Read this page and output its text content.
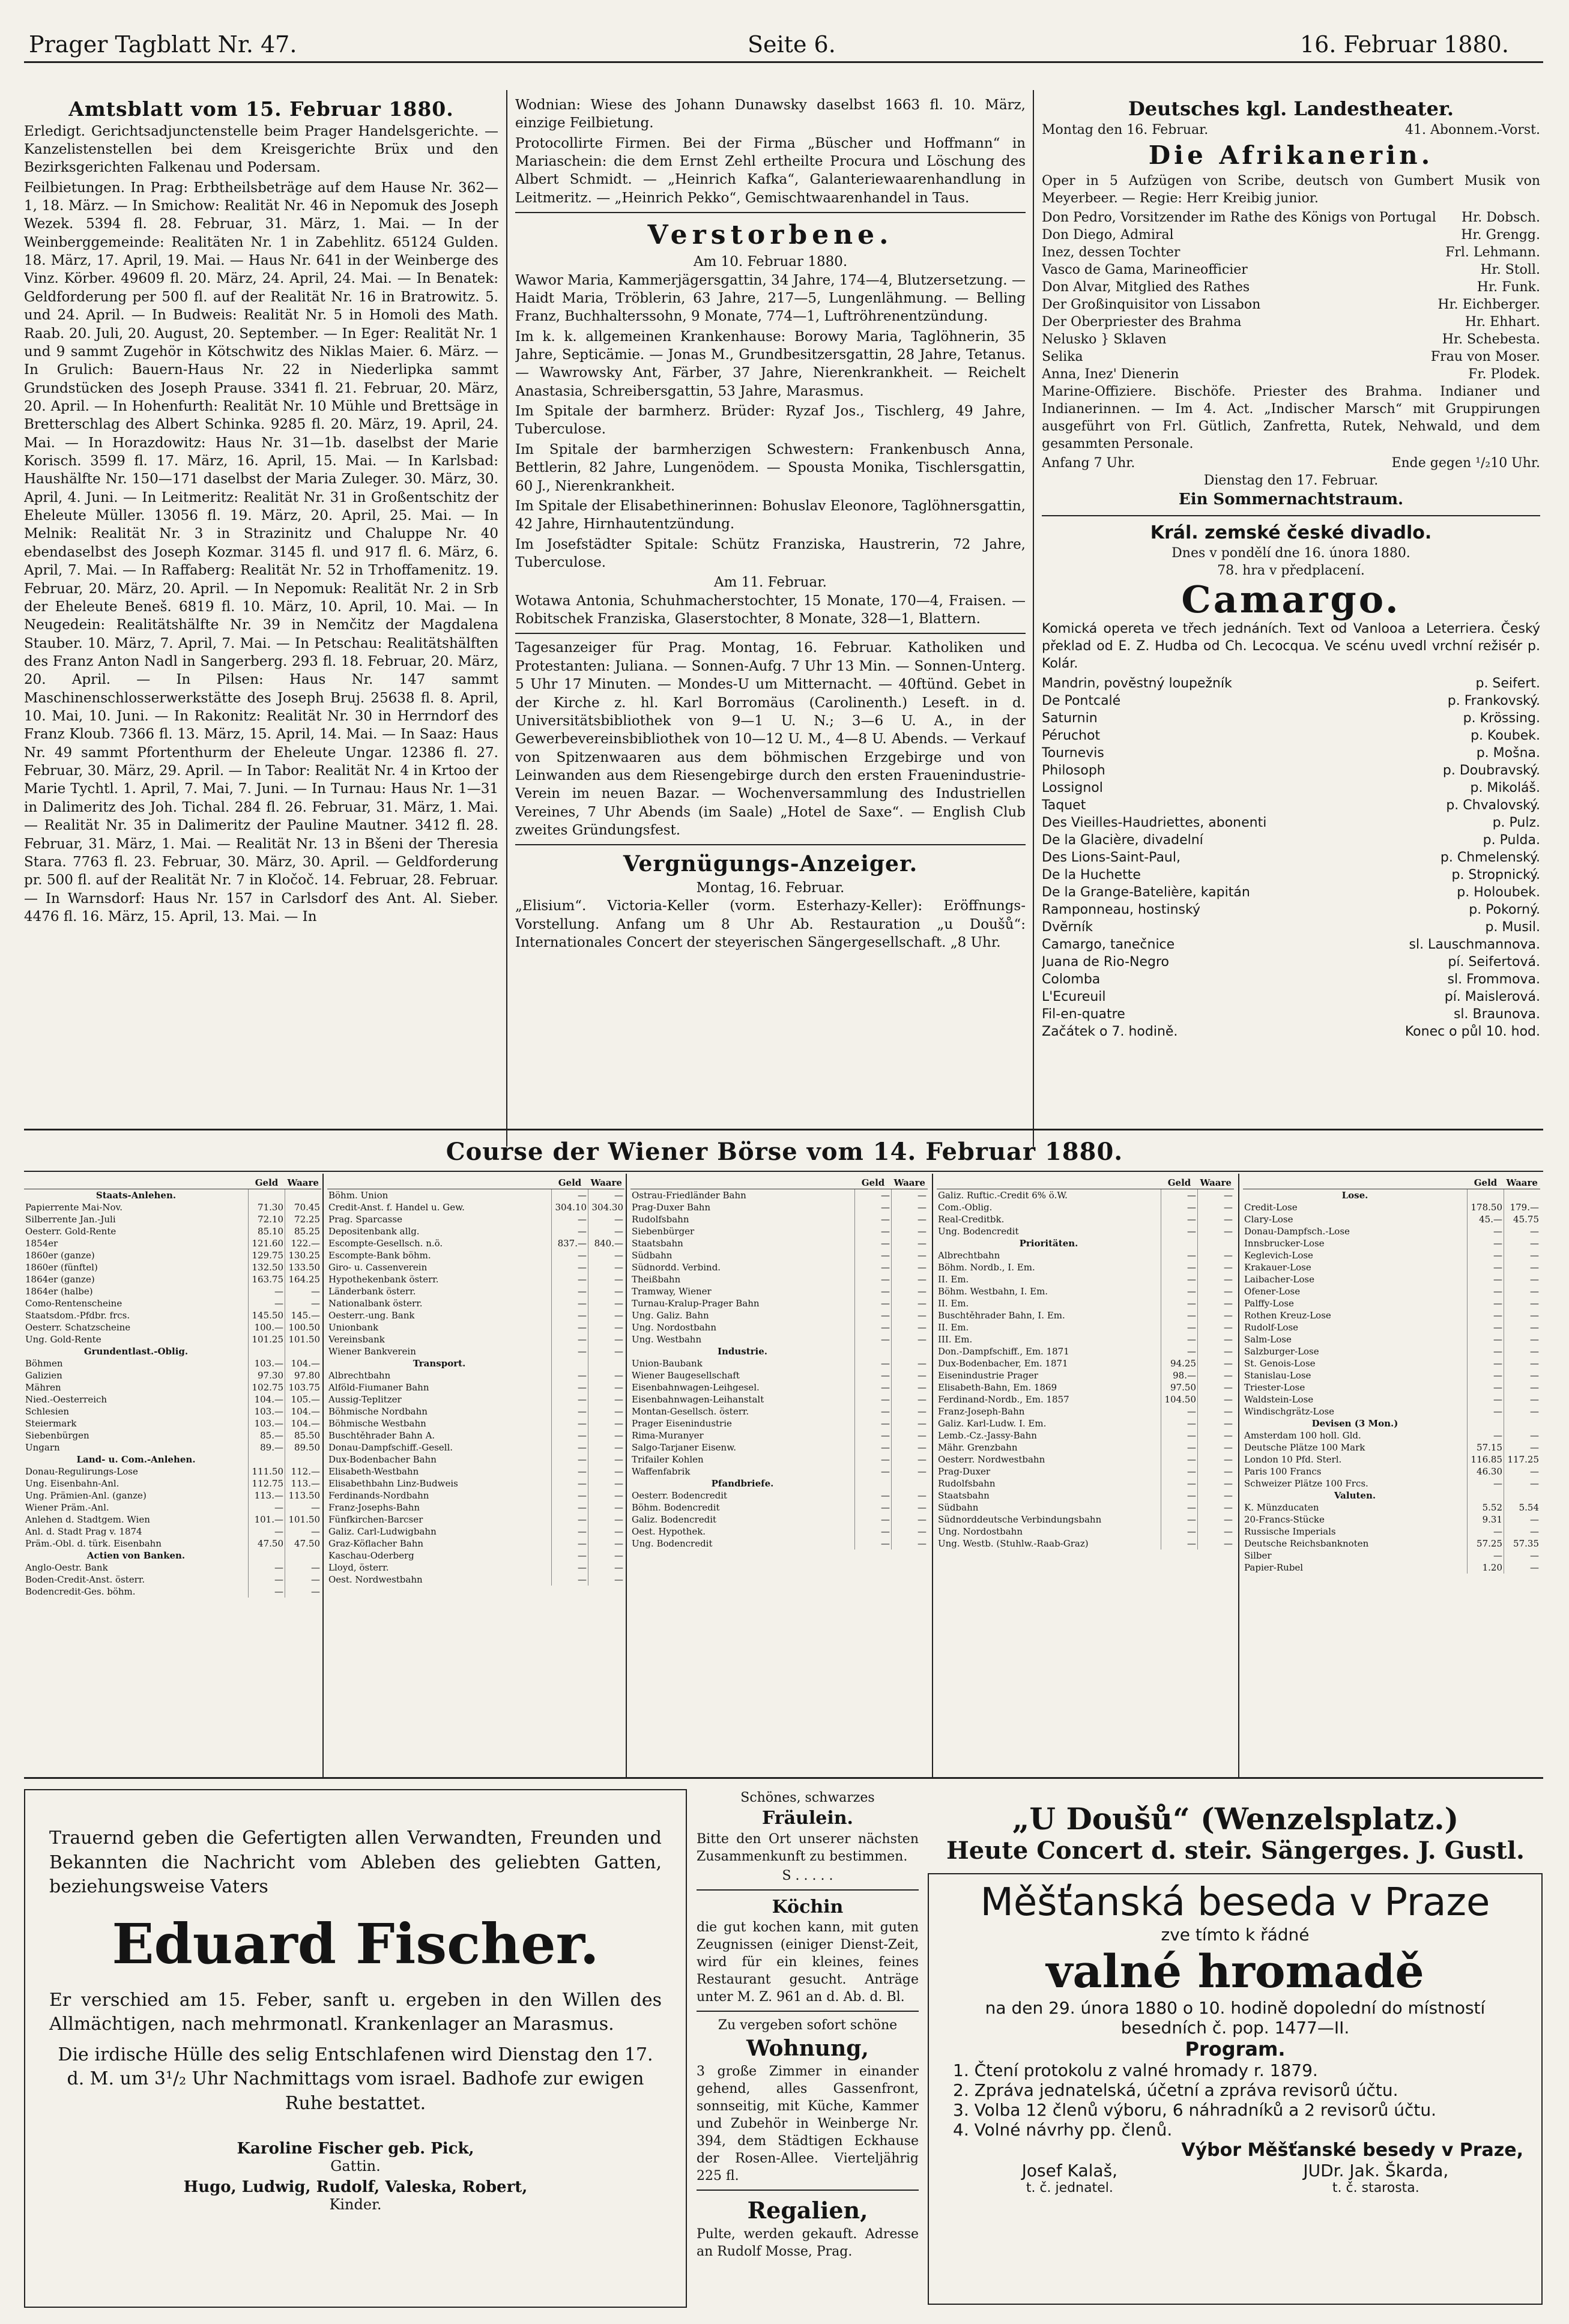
Prager Tagblatt Nr. 47.	Seite 6.	16. Februar 1880.
Amtsblatt vom 15. Februar 1880.

Erledigt. Gerichtsadjunctenstelle beim Prager Handelsgerichte. — Kanzelistenstellen bei dem Kreisgerichte Brüx und den Bezirksgerichten Falkenau und Podersam.

Feilbietungen. In Prag: Erbtheilsbeträge auf dem Hause Nr. 362—1, 18. März. — In Smichow: Realität Nr. 46 in Nepomuk des Joseph Wezek. 5394 fl. 28. Februar, 31. März, 1. Mai. — In der Weinberggemeinde: Realitäten Nr. 1 in Zabehlitz. 65124 Gulden. 18. März, 17. April, 19. Mai. — Haus Nr. 641 in der Weinberge des Vinz. Körber. 49609 fl. 20. März, 24. April, 24. Mai. — In Benatek: Geldforderung per 500 fl. auf der Realität Nr. 16 in Bratrowitz. 5. und 24. April. — In Budweis: Realität Nr. 5 in Homoli des Math. Raab. 20. Juli, 20. August, 20. September. — In Eger: Realität Nr. 1 und 9 sammt Zugehör in Kötschwitz des Niklas Maier. 6. März. — In Grulich: Bauern-Haus Nr. 22 in Niederlipka sammt Grundstücken des Joseph Prause. 3341 fl. 21. Februar, 20. März, 20. April. — In Hohenfurth: Realität Nr. 10 Mühle und Brettsäge in Bretterschlag des Albert Schinka. 9285 fl. 20. März, 19. April, 24. Mai. — In Horazdowitz: Haus Nr. 31—1b. daselbst der Marie Korisch. 3599 fl. 17. März, 16. April, 15. Mai. — In Karlsbad: Haushälfte Nr. 150—171 daselbst der Maria Zuleger. 30. März, 30. April, 4. Juni. — In Leitmeritz: Realität Nr. 31 in Großentschitz der Eheleute Müller. 13056 fl. 19. März, 20. April, 25. Mai. — In Melnik: Realität Nr. 3 in Strazinitz und Chaluppe Nr. 40 ebendaselbst des Joseph Kozmar. 3145 fl. und 917 fl. 6. März, 6. April, 7. Mai. — In Raffaberg: Realität Nr. 52 in Trhoffamenitz. 19. Februar, 20. März, 20. April. — In Nepomuk: Realität Nr. 2 in Srb der Eheleute Beneš. 6819 fl. 10. März, 10. April, 10. Mai. — In Neugedein: Realitätshälfte Nr. 39 in Nemčitz der Magdalena Stauber. 10. März, 7. April, 7. Mai. — In Petschau: Realitätshälften des Franz Anton Nadl in Sangerberg. 293 fl. 18. Februar, 20. März, 20. April. — In Pilsen: Haus Nr. 147 sammt Maschinenschlosserwerkstätte des Joseph Bruj. 25638 fl. 8. April, 10. Mai, 10. Juni. — In Rakonitz: Realität Nr. 30 in Herrndorf des Franz Kloub. 7366 fl. 13. März, 15. April, 14. Mai. — In Saaz: Haus Nr. 49 sammt Pfortenthurm der Eheleute Ungar. 12386 fl. 27. Februar, 30. März, 29. April. — In Tabor: Realität Nr. 4 in Krtoo der Marie Tychtl. 1. April, 7. Mai, 7. Juni. — In Turnau: Haus Nr. 1—31 in Dalimeritz des Joh. Tichal. 284 fl. 26. Februar, 31. März, 1. Mai. — Realität Nr. 35 in Dalimeritz der Pauline Mautner. 3412 fl. 28. Februar, 31. März, 1. Mai. — Realität Nr. 13 in Bšeni der Theresia Stara. 7763 fl. 23. Februar, 30. März, 30. April. — Geldforderung pr. 500 fl. auf der Realität Nr. 7 in Kločoč. 14. Februar, 28. Februar. — In Warnsdorf: Haus Nr. 157 in Carlsdorf des Ant. Al. Sieber. 4476 fl. 16. März, 15. April, 13. Mai. — In

Wodnian: Wiese des Johann Dunawsky daselbst 1663 fl. 10. März, einzige Feilbietung.

Protocollirte Firmen. Bei der Firma „Büscher und Hoffmann“ in Mariaschein: die dem Ernst Zehl ertheilte Procura und Löschung des Albert Schmidt. — „Heinrich Kafka“, Galanteriewaarenhandlung in Leitmeritz. — „Heinrich Pekko“, Gemischtwaarenhandel in Taus.

Verstorbene.
Am 10. Februar 1880.

Wawor Maria, Kammerjägersgattin, 34 Jahre, 174—4, Blutzersetzung. — Haidt Maria, Tröblerin, 63 Jahre, 217—5, Lungenlähmung. — Belling Franz, Buchhalterssohn, 9 Monate, 774—1, Luftröhrenentzündung.

Im k. k. allgemeinen Krankenhause: Borowy Maria, Taglöhnerin, 35 Jahre, Septicämie. — Jonas M., Grundbesitzersgattin, 28 Jahre, Tetanus. — Wawrowsky Ant, Färber, 37 Jahre, Nierenkrankheit. — Reichelt Anastasia, Schreibersgattin, 53 Jahre, Marasmus.

Im Spitale der barmherz. Brüder: Ryzaf Jos., Tischlerg, 49 Jahre, Tuberculose.

Im Spitale der barmherzigen Schwestern: Frankenbusch Anna, Bettlerin, 82 Jahre, Lungenödem. — Spousta Monika, Tischlersgattin, 60 J., Nierenkrankheit.

Im Spitale der Elisabethinerinnen: Bohuslav Eleonore, Taglöhnersgattin, 42 Jahre, Hirnhautentzündung.

Im Josefstädter Spitale: Schütz Franziska, Haustrerin, 72 Jahre, Tuberculose.

Am 11. Februar.

Wotawa Antonia, Schuhmacherstochter, 15 Monate, 170—4, Fraisen. — Robitschek Franziska, Glaserstochter, 8 Monate, 328—1, Blattern.

Tagesanzeiger für Prag. Montag, 16. Februar. Katholiken und Protestanten: Juliana. — Sonnen-Aufg. 7 Uhr 13 Min. — Sonnen-Unterg. 5 Uhr 17 Minuten. — Mondes-U um Mitternacht. — 40ftünd. Gebet in der Kirche z. hl. Karl Borromäus (Carolinenth.) Leseft. in d. Universitätsbibliothek von 9—1 U. N.; 3—6 U. A., in der Gewerbevereinsbibliothek von 10—12 U. M., 4—8 U. Abends. — Verkauf von Spitzenwaaren aus dem böhmischen Erzgebirge und von Leinwanden aus dem Riesengebirge durch den ersten Frauenindustrie-Verein im neuen Bazar. — Wochenversammlung des Industriellen Vereines, 7 Uhr Abends (im Saale) „Hotel de Saxe“. — English Club zweites Gründungsfest.

Vergnügungs-Anzeiger.
Montag, 16. Februar.

„Elisium“. Victoria-Keller (vorm. Esterhazy-Keller): Eröffnungs-Vorstellung. Anfang um 8 Uhr Ab. Restauration „u Doušů“: Internationales Concert der steyerischen Sängergesellschaft. „8 Uhr.

Deutsches kgl. Landestheater.
Montag den 16. Februar.	41. Abonnem.-Vorst.
Die Afrikanerin.

Oper in 5 Aufzügen von Scribe, deutsch von Gumbert Musik von Meyerbeer. — Regie: Herr Kreibig junior.

Don Pedro, Vorsitzender im Rathe des Königs von Portugal Hr. Dobsch.
Don Diego, Admiral	Hr. Grengg.
Inez, dessen Tochter	Frl. Lehmann.
Vasco de Gama, Marineofficier	Hr. Stoll.
Don Alvar, Mitglied des Rathes	Hr. Funk.
Der Großinquisitor von Lissabon	Hr. Eichberger.
Der Oberpriester des Brahma	Hr. Ehhart.
Nelusko } Sklaven	Hr. Schebesta.
Selika	Frau von Moser.
Anna, Inez' Dienerin	Fr. Plodek.

Marine-Offiziere. Bischöfe. Priester des Brahma. Indianer und Indianerinnen. — Im 4. Act. „Indischer Marsch“ mit Gruppirungen ausgeführt von Frl. Gütlich, Zanfretta, Rutek, Nehwald, und dem gesammten Personale.

Anfang 7 Uhr.	Ende gegen ¹/₂10 Uhr.
Dienstag den 17. Februar.
Ein Sommernachtstraum.
Král. zemské české divadlo.
Dnes v pondělí dne 16. února 1880.
78. hra v předplacení.
Camargo.

Komická opereta ve třech jednáních. Text od Vanlooa a Leterriera. Český překlad od E. Z. Hudba od Ch. Lecocqua. Ve scénu uvedl vrchní režisér p. Kolár.

Mandrin, povĕstný loupežník	p. Seifert.
De Pontcalé	p. Frankovský.
Saturnin	p. Krössing.
Péruchot	p. Koubek.
Tournevis	p. Mošna.
Philosoph	p. Doubravský.
Lossignol	p. Mikoláš.
Taquet	p. Chvalovský.
Des Vieilles-Haudriettes, abonenti	p. Pulz.
De la Glacière, divadelní	p. Pulda.
Des Lions-Saint-Paul,	p. Chmelenský.
De la Huchette	p. Stropnický.
De la Grange-Batelière, kapitán	p. Holoubek.
Ramponneau, hostinský	p. Pokorný.
Dvĕrník	p. Musil.
Camargo, tanečnice	sl. Lauschmannova.
Juana de Rio-Negro	pí. Seifertová.
Colomba	sl. Frommova.
L'Ecureuil	pí. Maislerová.
Fil-en-quatre	sl. Braunova.
Začátek o 7. hodině.	Konec o půl 10. hod.
Course der Wiener Börse vom 14. Februar 1880.
	Geld	Waare
Staats-Anlehen.		
Papierrente Mai-Nov.	71.30	70.45
Silberrente Jan.-Juli	72.10	72.25
Oesterr. Gold-Rente	85.10	85.25
1854er	121.60	122.—
1860er (ganze)	129.75	130.25
1860er (fünftel)	132.50	133.50
1864er (ganze)	163.75	164.25
1864er (halbe)	—	—
Como-Rentenscheine	—	—
Staatsdom.-Pfdbr. frcs.	145.50	145.—
Oesterr. Schatzscheine	100.—	100.50
Ung. Gold-Rente	101.25	101.50
Grundentlast.-Oblig.		
Böhmen	103.—	104.—
Galizien	97.30	97.80
Mähren	102.75	103.75
Nied.-Oesterreich	104.—	105.—
Schlesien	103.—	104.—
Steiermark	103.—	104.—
Siebenbürgen	85.—	85.50
Ungarn	89.—	89.50
Land- u. Com.-Anlehen.		
Donau-Regulirungs-Lose	111.50	112.—
Ung. Eisenbahn-Anl.	112.75	113.—
Ung. Prämien-Anl. (ganze)	113.—	113.50
Wiener Präm.-Anl.	—	—
Anlehen d. Stadtgem. Wien	101.—	101.50
Anl. d. Stadt Prag v. 1874	—	—
Präm.-Obl. d. türk. Eisenbahn	47.50	47.50
Actien von Banken.		
Anglo-Oestr. Bank	—	—
Boden-Credit-Anst. österr.	—	—
Bodencredit-Ges. böhm.	—	—
	Geld	Waare
Böhm. Union	—	—
Credit-Anst. f. Handel u. Gew.	304.10	304.30
Prag. Sparcasse	—	—
Depositenbank allg.	—	—
Escompte-Gesellsch. n.ö.	837.—	840.—
Escompte-Bank böhm.	—	—
Giro- u. Cassenverein	—	—
Hypothekenbank österr.	—	—
Länderbank österr.	—	—
Nationalbank österr.	—	—
Oesterr.-ung. Bank	—	—
Unionbank	—	—
Vereinsbank	—	—
Wiener Bankverein	—	—
Transport.		
Albrechtbahn	—	—
Alföld-Fiumaner Bahn	—	—
Aussig-Teplitzer	—	—
Böhmische Nordbahn	—	—
Böhmische Westbahn	—	—
Buschtěhrader Bahn A.	—	—
Donau-Dampfschiff.-Gesell.	—	—
Dux-Bodenbacher Bahn	—	—
Elisabeth-Westbahn	—	—
Elisabethbahn Linz-Budweis	—	—
Ferdinands-Nordbahn	—	—
Franz-Josephs-Bahn	—	—
Fünfkirchen-Barcser	—	—
Galiz. Carl-Ludwigbahn	—	—
Graz-Köflacher Bahn	—	—
Kaschau-Oderberg	—	—
Lloyd, österr.	—	—
Oest. Nordwestbahn	—	—
	Geld	Waare
Ostrau-Friedländer Bahn	—	—
Prag-Duxer Bahn	—	—
Rudolfsbahn	—	—
Siebenbürger	—	—
Staatsbahn	—	—
Südbahn	—	—
Südnordd. Verbind.	—	—
Theißbahn	—	—
Tramway, Wiener	—	—
Turnau-Kralup-Prager Bahn	—	—
Ung. Galiz. Bahn	—	—
Ung. Nordostbahn	—	—
Ung. Westbahn	—	—
Industrie.		
Union-Baubank	—	—
Wiener Baugesellschaft	—	—
Eisenbahnwagen-Leihgesel.	—	—
Eisenbahnwagen-Leihanstalt	—	—
Montan-Gesellsch. österr.	—	—
Prager Eisenindustrie	—	—
Rima-Muranyer	—	—
Salgo-Tarjaner Eisenw.	—	—
Trifailer Kohlen	—	—
Waffenfabrik	—	—
Pfandbriefe.		
Oesterr. Bodencredit	—	—
Böhm. Bodencredit	—	—
Galiz. Bodencredit	—	—
Oest. Hypothek.	—	—
Ung. Bodencredit	—	—
	Geld	Waare
Galiz. Ruftic.-Credit 6% ö.W.	—	—
Com.-Oblig.	—	—
Real-Creditbk.	—	—
Ung. Bodencredit	—	—
Prioritäten.		
Albrechtbahn	—	—
Böhm. Nordb., I. Em.	—	—
II. Em.	—	—
Böhm. Westbahn, I. Em.	—	—
II. Em.	—	—
Buschtěhrader Bahn, I. Em.	—	—
II. Em.	—	—
III. Em.	—	—
Don.-Dampfschiff., Em. 1871	—	—
Dux-Bodenbacher, Em. 1871	94.25	—
Eisenindustrie Prager	98.—	—
Elisabeth-Bahn, Em. 1869	97.50	—
Ferdinand-Nordb., Em. 1857	104.50	—
Franz-Joseph-Bahn	—	—
Galiz. Karl-Ludw. I. Em.	—	—
Lemb.-Cz.-Jassy-Bahn	—	—
Mähr. Grenzbahn	—	—
Oesterr. Nordwestbahn	—	—
Prag-Duxer	—	—
Rudolfsbahn	—	—
Staatsbahn	—	—
Südbahn	—	—
Südnorddeutsche Verbindungsbahn	—	—
Ung. Nordostbahn	—	—
Ung. Westb. (Stuhlw.-Raab-Graz)	—	—
	Geld	Waare
Lose.		
Credit-Lose	178.50	179.—
Clary-Lose	45.—	45.75
Donau-Dampfsch.-Lose	—	—
Innsbrucker-Lose	—	—
Keglevich-Lose	—	—
Krakauer-Lose	—	—
Laibacher-Lose	—	—
Ofener-Lose	—	—
Palffy-Lose	—	—
Rothen Kreuz-Lose	—	—
Rudolf-Lose	—	—
Salm-Lose	—	—
Salzburger-Lose	—	—
St. Genois-Lose	—	—
Stanislau-Lose	—	—
Triester-Lose	—	—
Waldstein-Lose	—	—
Windischgrätz-Lose	—	—
Devisen (3 Mon.)		
Amsterdam 100 holl. Gld.	—	—
Deutsche Plätze 100 Mark	57.15	—
London 10 Pfd. Sterl.	116.85	117.25
Paris 100 Francs	46.30	—
Schweizer Plätze 100 Frcs.	—	—
Valuten.		
K. Münzducaten	5.52	5.54
20-Francs-Stücke	9.31	—
Russische Imperials	—	—
Deutsche Reichsbanknoten	57.25	57.35
Silber	—	—
Papier-Rubel	1.20	—
Trauernd geben die Gefertigten allen Verwandten, Freunden und Bekannten die Nachricht vom Ableben des geliebten Gatten, beziehungsweise Vaters
Eduard Fischer.
Er verschied am 15. Feber, sanft u. ergeben in den Willen des Allmächtigen, nach mehrmonatl. Krankenlager an Marasmus.
Die irdische Hülle des selig Entschlafenen wird Dienstag den 17. d. M. um 3¹/₂ Uhr Nachmittags vom israel. Badhofe zur ewigen Ruhe bestattet.
Karoline Fischer geb. Pick,
Gattin.
Hugo, Ludwig, Rudolf, Valeska, Robert,
Kinder.
Schönes, schwarzes
Fräulein.

Bitte den Ort unserer nächsten Zusammenkunft zu bestimmen.

S . . . . .
Köchin

die gut kochen kann, mit guten Zeugnissen (einiger Dienst-Zeit, wird für ein kleines, feines Restaurant gesucht. Anträge unter M. Z. 961 an d. Ab. d. Bl.

Zu vergeben sofort schöne
Wohnung,

3 große Zimmer in einander gehend, alles Gassenfront, sonnseitig, mit Küche, Kammer und Zubehör in Weinberge Nr. 394, dem Städtigen Eckhause der Rosen-Allee. Vierteljährig 225 fl.

Regalien,

Pulte, werden gekauft. Adresse an Rudolf Mosse, Prag.

„U Doušů“ (Wenzelsplatz.)
Heute Concert d. steir. Sängerges. J. Gustl.
Měšťanská beseda v Praze
zve tímto k řádné
valné hromadě
na den 29. února 1880 o 10. hodině dopolední do místností besedních č. pop. 1477—II.
Program.
1. Čtení protokolu z valné hromady r. 1879.
2. Zpráva jednatelská, účetní a zpráva revisorů účtu.
3. Volba 12 členů výboru, 6 náhradníků a 2 revisorů účtu.
4. Volné návrhy pp. členů.
Výbor Měšťanské besedy v Praze,
Josef Kalaš,
t. č. jednatel.
JUDr. Jak. Škarda,
t. č. starosta.
